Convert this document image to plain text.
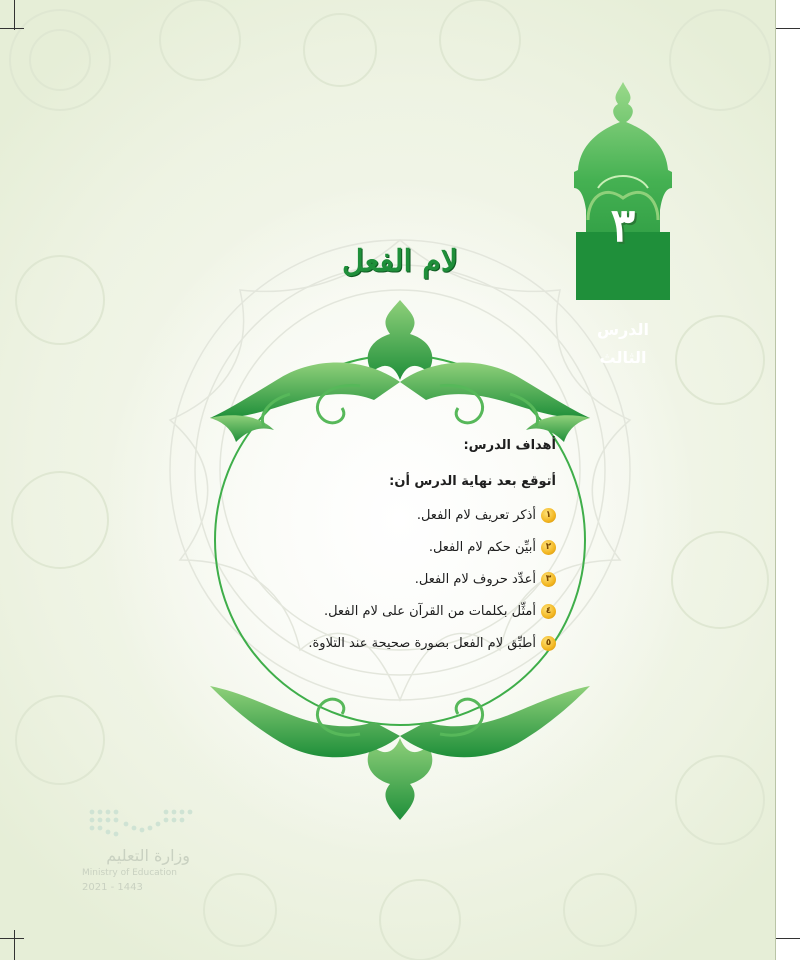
٣
الدرس
الثالث
لام الفعل
أهداف الدرس:
أتوقع بعد نهاية الدرس أن:
١أذكر تعريف لام الفعل.
٢أبيِّن حكم لام الفعل.
٣أعدِّد حروف لام الفعل.
٤أمثِّل بكلمات من القرآن على لام الفعل.
٥أطبِّق لام الفعل بصورة صحيحة عند التلاوة.
وزارة التعليم
Ministry of Education
2021 - 1443
